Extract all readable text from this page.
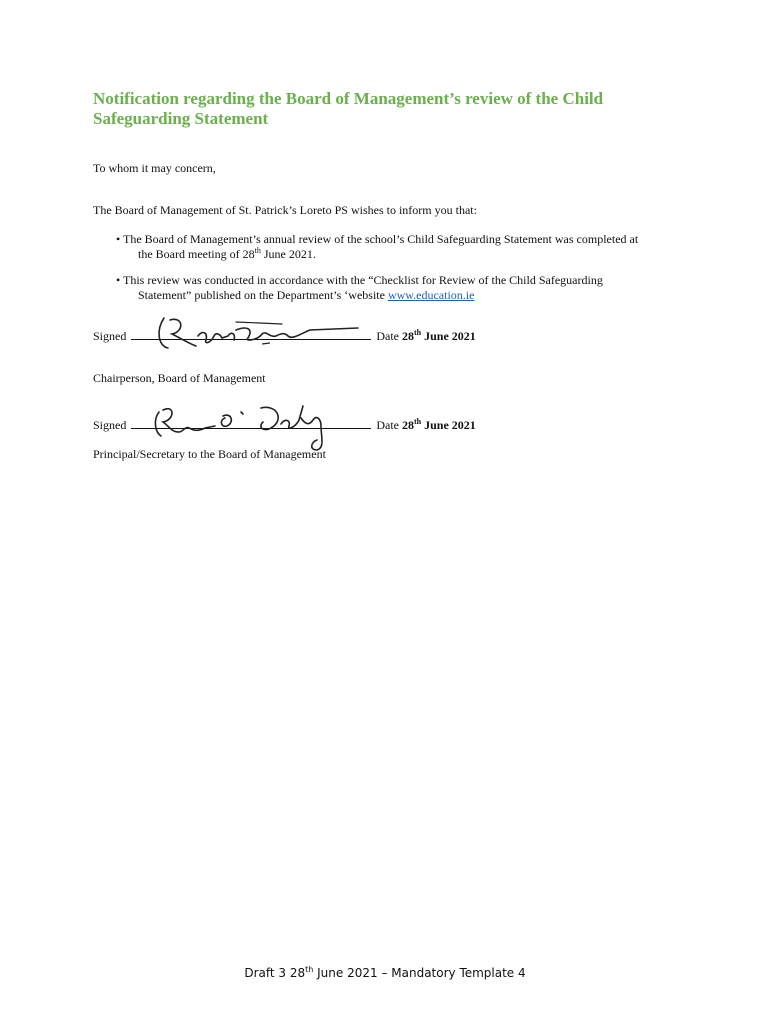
Notification regarding the Board of Management’s review of the Child Safeguarding Statement
To whom it may concern,
The Board of Management of St. Patrick’s Loreto PS wishes to inform you that:
• The Board of Management’s annual review of the school’s Child Safeguarding Statement was completed at
the Board meeting of 28th June 2021.
• This review was conducted in accordance with the “Checklist for Review of the Child Safeguarding
Statement” published on the Department’s ‘website www.education.ie
Signed	Date 28th June 2021
Chairperson, Board of Management
Signed	Date 28th June 2021
Principal/Secretary to the Board of Management
Draft 3 28th June 2021 – Mandatory Template 4
